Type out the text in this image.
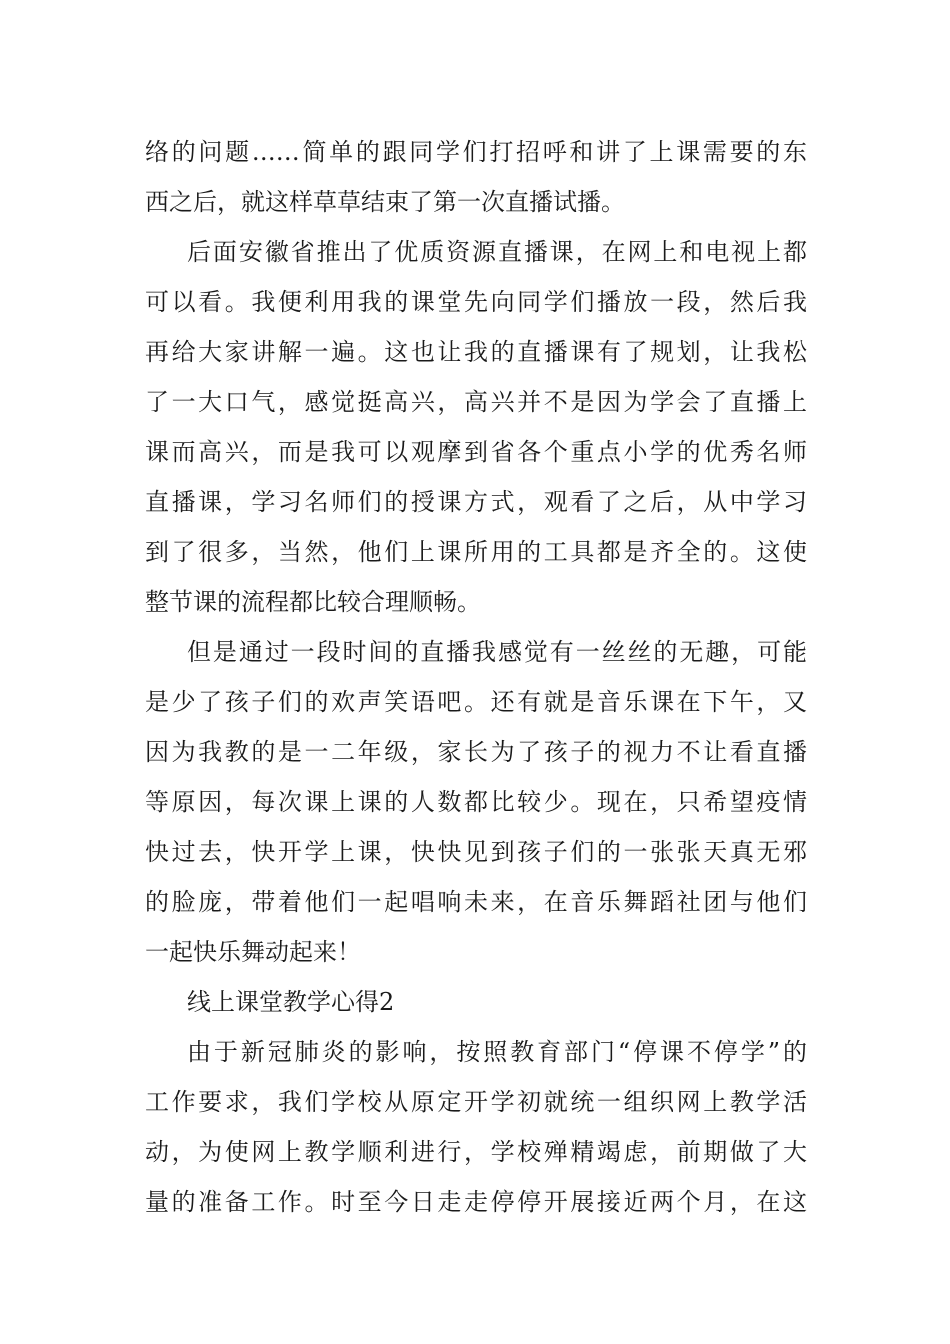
络的问题……简单的跟同学们打招呼和讲了上课需要的东
西之后，就这样草草结束了第一次直播试播。
后面安徽省推出了优质资源直播课，在网上和电视上都
可以看。我便利用我的课堂先向同学们播放一段，然后我
再给大家讲解一遍。这也让我的直播课有了规划，让我松
了一大口气，感觉挺高兴，高兴并不是因为学会了直播上
课而高兴，而是我可以观摩到省各个重点小学的优秀名师
直播课，学习名师们的授课方式，观看了之后，从中学习
到了很多，当然，他们上课所用的工具都是齐全的。这使
整节课的流程都比较合理顺畅。
但是通过一段时间的直播我感觉有一丝丝的无趣，可能
是少了孩子们的欢声笑语吧。还有就是音乐课在下午，又
因为我教的是一二年级，家长为了孩子的视力不让看直播
等原因，每次课上课的人数都比较少。现在，只希望疫情
快过去，快开学上课，快快见到孩子们的一张张天真无邪
的脸庞，带着他们一起唱响未来，在音乐舞蹈社团与他们
一起快乐舞动起来！
线上课堂教学心得2
由于新冠肺炎的影响，按照教育部门“停课不停学”的
工作要求，我们学校从原定开学初就统一组织网上教学活
动，为使网上教学顺利进行，学校殚精竭虑，前期做了大
量的准备工作。时至今日走走停停开展接近两个月，在这
